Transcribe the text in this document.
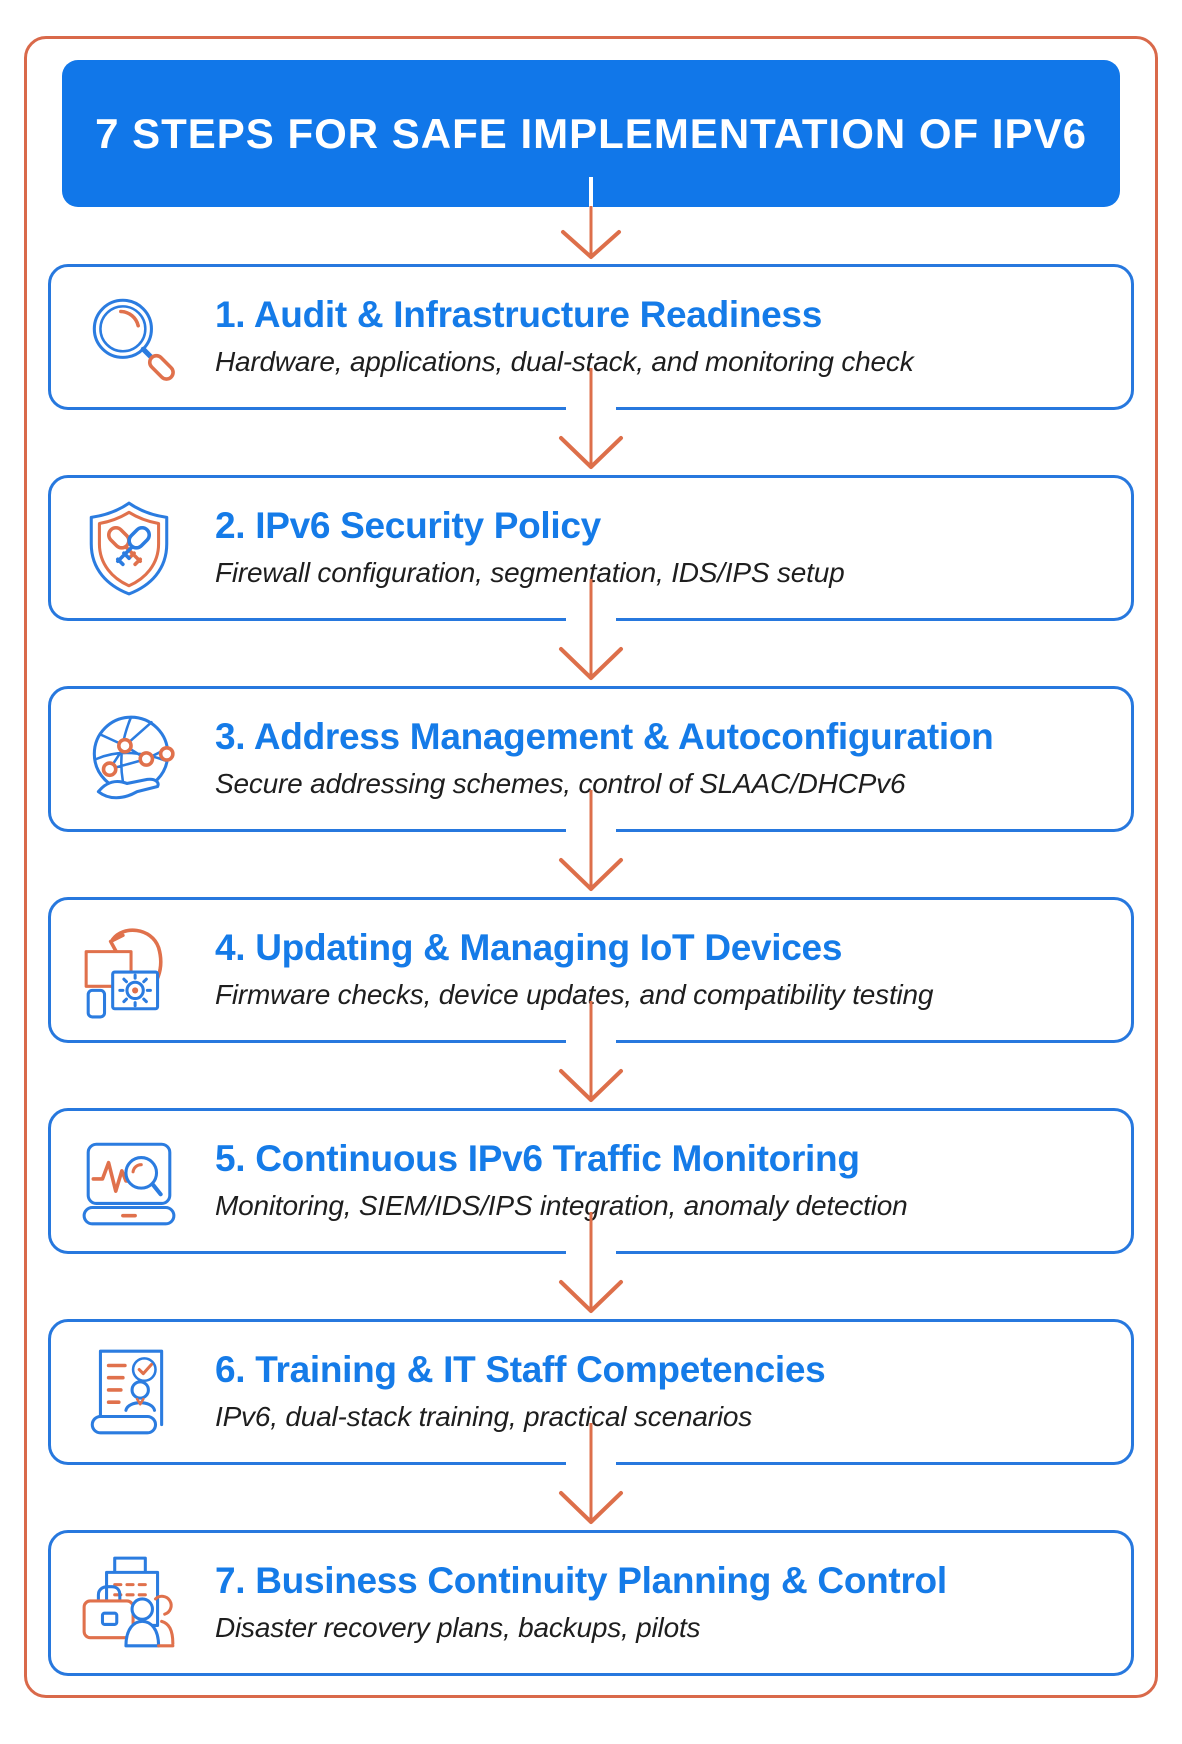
7 STEPS FOR SAFE IMPLEMENTATION OF IPV6
1. Audit & Infrastructure Readiness
Hardware, applications, dual-stack, and monitoring check
2. IPv6 Security Policy
Firewall configuration, segmentation, IDS/IPS setup
3. Address Management & Autoconfiguration
Secure addressing schemes, control of SLAAC/DHCPv6
4. Updating & Managing IoT Devices
Firmware checks, device updates, and compatibility testing
5. Continuous IPv6 Traffic Monitoring
Monitoring, SIEM/IDS/IPS integration, anomaly detection
6. Training & IT Staff Competencies
IPv6, dual-stack training, practical scenarios
7. Business Continuity Planning & Control
Disaster recovery plans, backups, pilots
